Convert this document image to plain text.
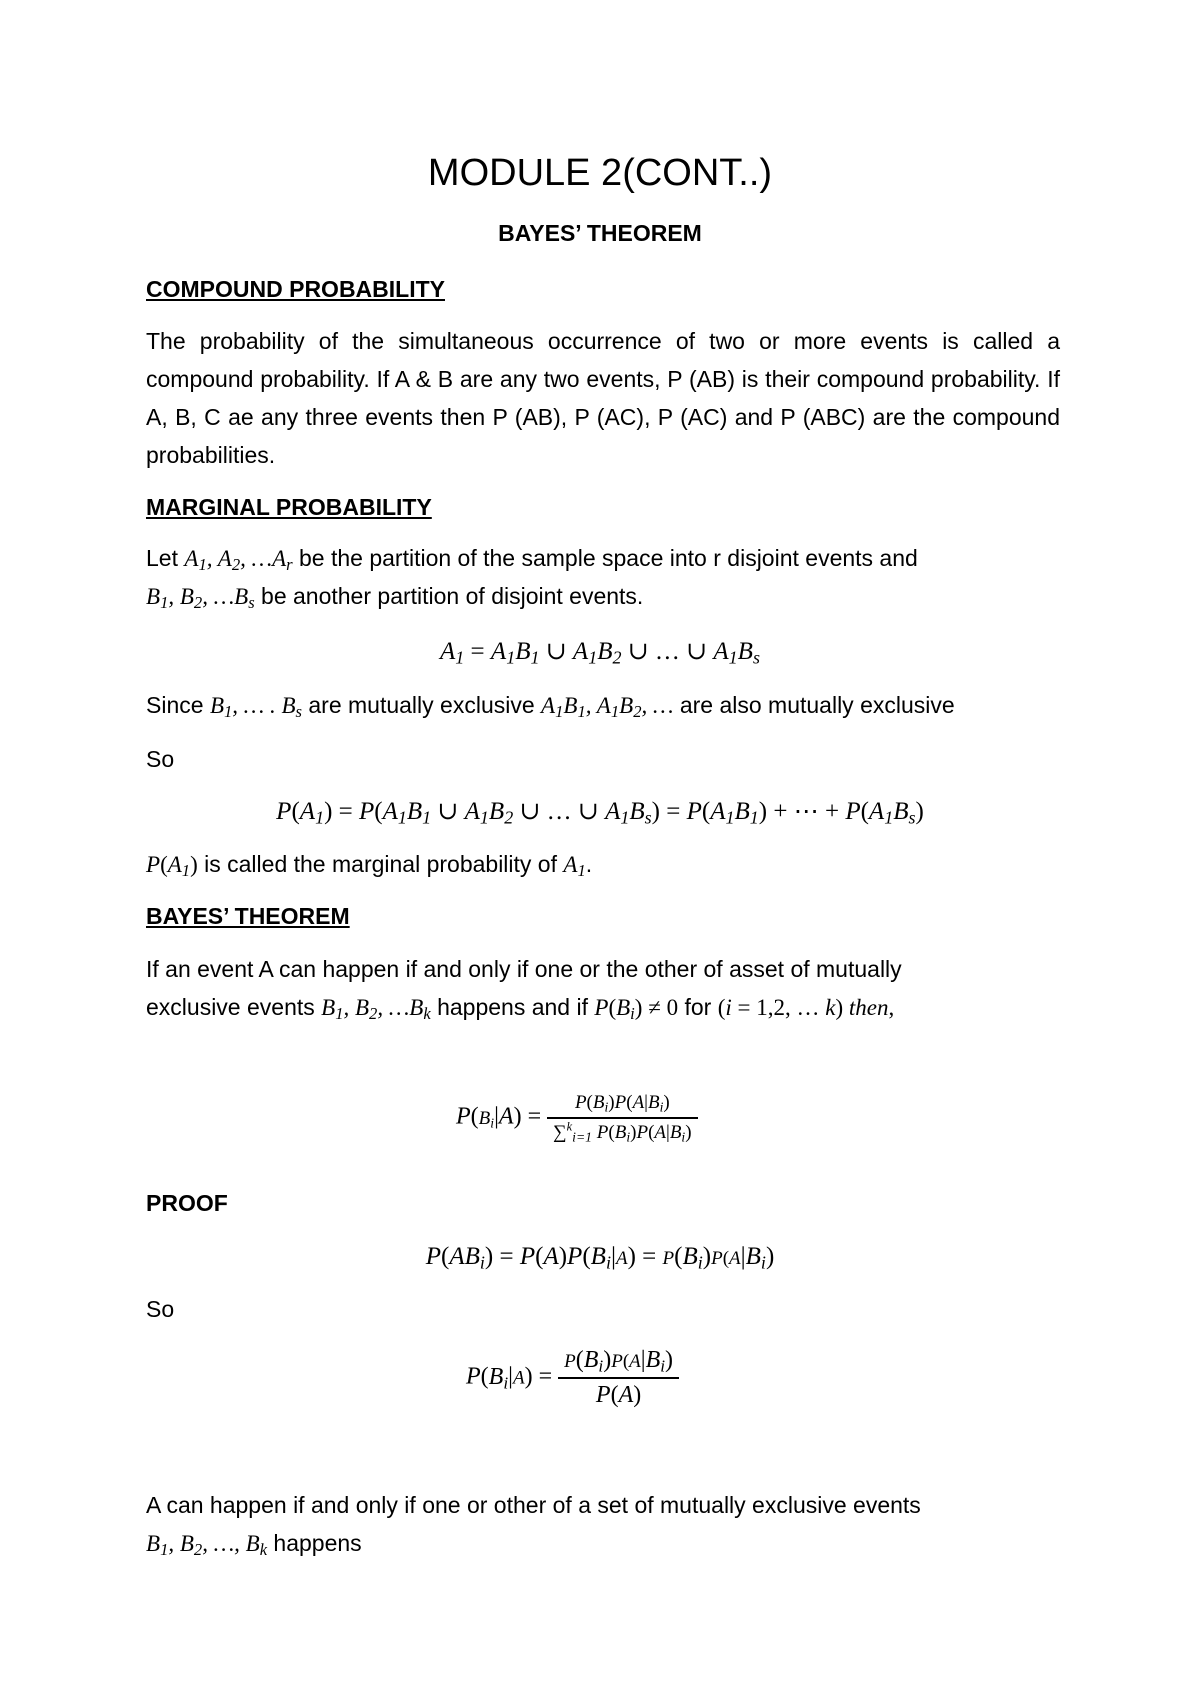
MODULE 2(CONT..)
BAYES’ THEOREM
COMPOUND PROBABILITY
The probability of the simultaneous occurrence of two or more events is called a compound probability. If A & B are any two events, P (AB) is their compound probability. If A, B, C ae any three events then P (AB), P (AC), P (AC) and P (ABC) are the compound probabilities.
MARGINAL PROBABILITY
Let $A_1$, $A_2$, $\dots A_r$ be the partition of the sample space into r disjoint events and
$B_1$, $B_2$, $\dots B_s$ be another partition of disjoint events.
$A_1 = A_1B_1$ ∪ $A_1B_2$ ∪ … ∪ $A_1B_s$
Since $B_1$, … . $B_s$ are mutually exclusive $A_1B_1$, $A_1B_2$, … are also mutually exclusive
So
$P(A_1) = P(A_1B_1$ ∪ $A_1B_2$ ∪ … ∪ $A_1B_s) = P(A_1B_1)$ + ⋯ + $P(A_1B_s)$
$P(A_1)$ is called the marginal probability of $A_1$.
BAYES’ THEOREM
If an event A can happen if and only if one or the other of asset of mutually
exclusive events $B_1$, $B_2$, $\dots B_k$ happens and if $P(B_i) \ne 0$ for (i = 1,2, … k) then,
$P(B_i|A) = \frac{P(B_i)P(A|B_i)}{\sum^k_{i=1} P(B_i)P(A|B_i)}$
PROOF
$P(AB_i) = P(A)P(B_i|A) = P(B_i)P(A|B_i)$
So
$P(B_i|A) = \frac{P(B_i)P(A|B_i)}{P(A)}$
A can happen if and only if one or other of a set of mutually exclusive events
$B_1$, $B_2$, …, $B_k$ happens
